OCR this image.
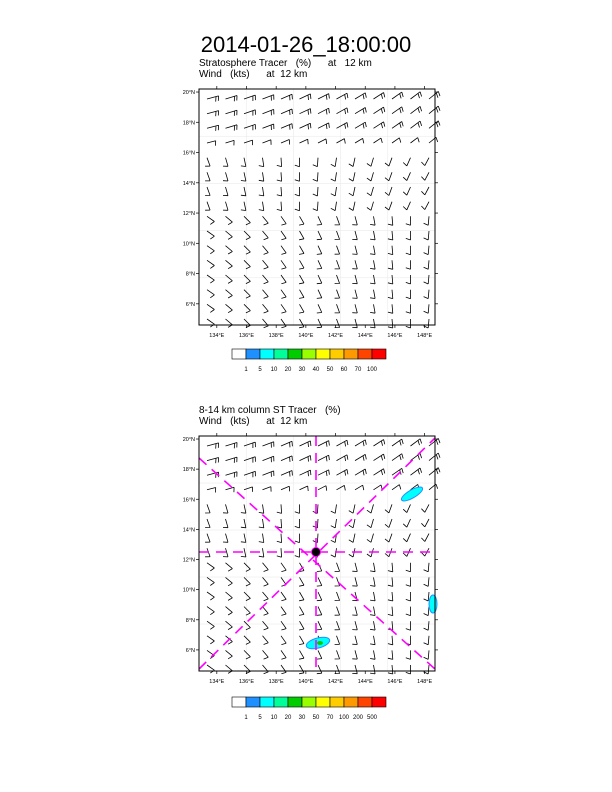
2014-01-26_18:00:00
Stratosphere Tracer   (%)      at   12 km
Wind   (kts)      at  12 km
8-14 km column ST Tracer   (%)
Wind   (kts)      at  12 km
20°N
18°N
16°N
14°N
12°N
10°N
8°N
6°N
134°E	136°E	138°E	140°E	142°E	144°E	146°E	148°E
1 5 10 20 30 40 50 60 70 100
20°N
18°N
16°N
14°N
12°N
10°N
8°N
6°N
134°E	136°E	138°E	140°E	142°E	144°E	146°E	148°E
1 5 10 20 30 50 70 100 200 500
